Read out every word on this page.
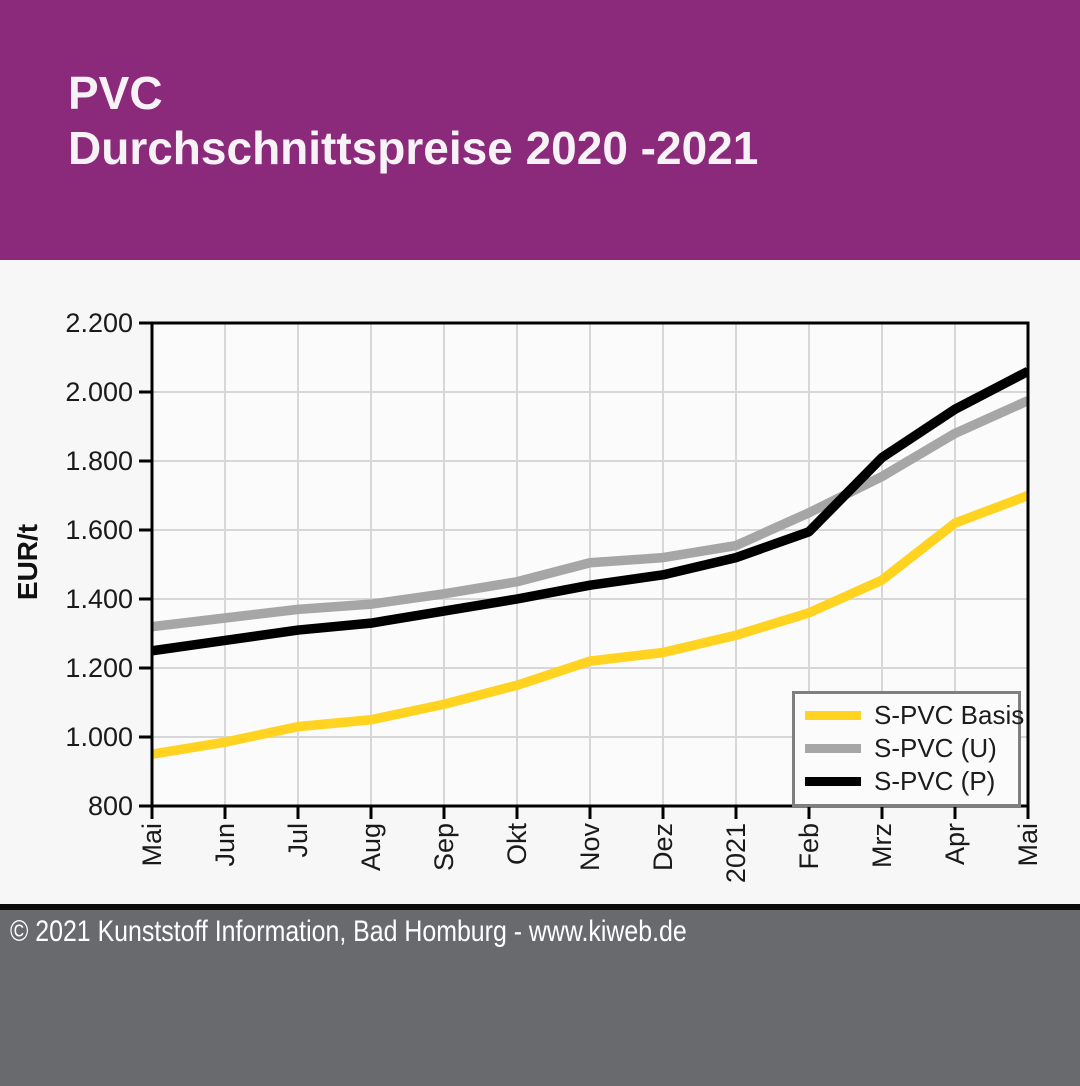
PVC
Durchschnittspreise 2020 -2021
2.200
2.000
1.800
1.600
1.400
1.200
1.000
800
Mai Jun Jul Aug Sep Okt Nov Dez 2021 Feb Mrz Apr Mai
EUR/t
S-PVC Basis
S-PVC (U)
S-PVC (P)
© 2021 Kunststoff Information, Bad Homburg - www.kiweb.de
